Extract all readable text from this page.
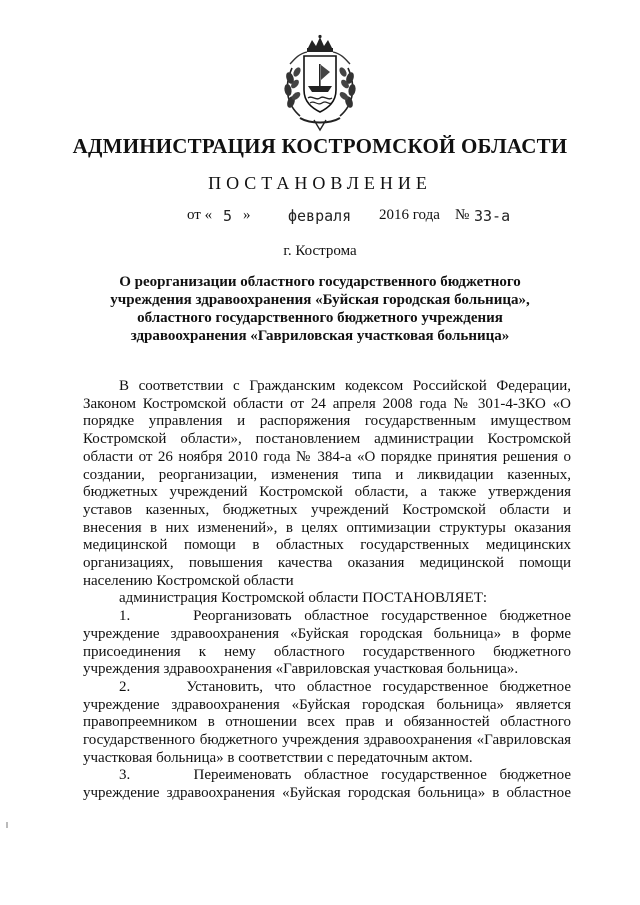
АДМИНИСТРАЦИЯ КОСТРОМСКОЙ ОБЛАСТИ
ПОСТАНОВЛЕНИЕ
от « 5 »	февраля 2016 года № 33-а
г. Кострома
О реорганизации областного государственного бюджетного
учреждения здравоохранения «Буйская городская больница»,
областного государственного бюджетного учреждения
здравоохранения «Гавриловская участковая больница»

В соответствии с Гражданским кодексом Российской Федерации, Законом Костромской области от 24 апреля 2008 года № 301-4-ЗКО «О порядке управления и распоряжения государственным имуществом Костромской области», постановлением администрации Костромской области от 26 ноября 2010 года № 384-а «О порядке принятия решения о создании, реорганизации, изменения типа и ликвидации казенных, бюджетных учреждений Костромской области, а также утверждения уставов казенных, бюджетных учреждений Костромской области и внесения в них изменений», в целях оптимизации структуры оказания медицинской помощи в областных государственных медицинских организациях, повышения качества оказания медицинской помощи населению Костромской области

администрация Костромской области ПОСТАНОВЛЯЕТ:

1.	Реорганизовать областное государственное бюджетное учреждение здравоохранения «Буйская городская больница» в форме присоединения к нему областного государственного бюджетного учреждения здравоохранения «Гавриловская участковая больница».

2.	Установить, что областное государственное бюджетное учреждение здравоохранения «Буйская городская больница» является правопреемником в отношении всех прав и обязанностей областного государственного бюджетного учреждения здравоохранения «Гавриловская участковая больница» в соответствии с передаточным актом.

3.	Переименовать областное государственное бюджетное учреждение здравоохранения «Буйская городская больница» в областное
